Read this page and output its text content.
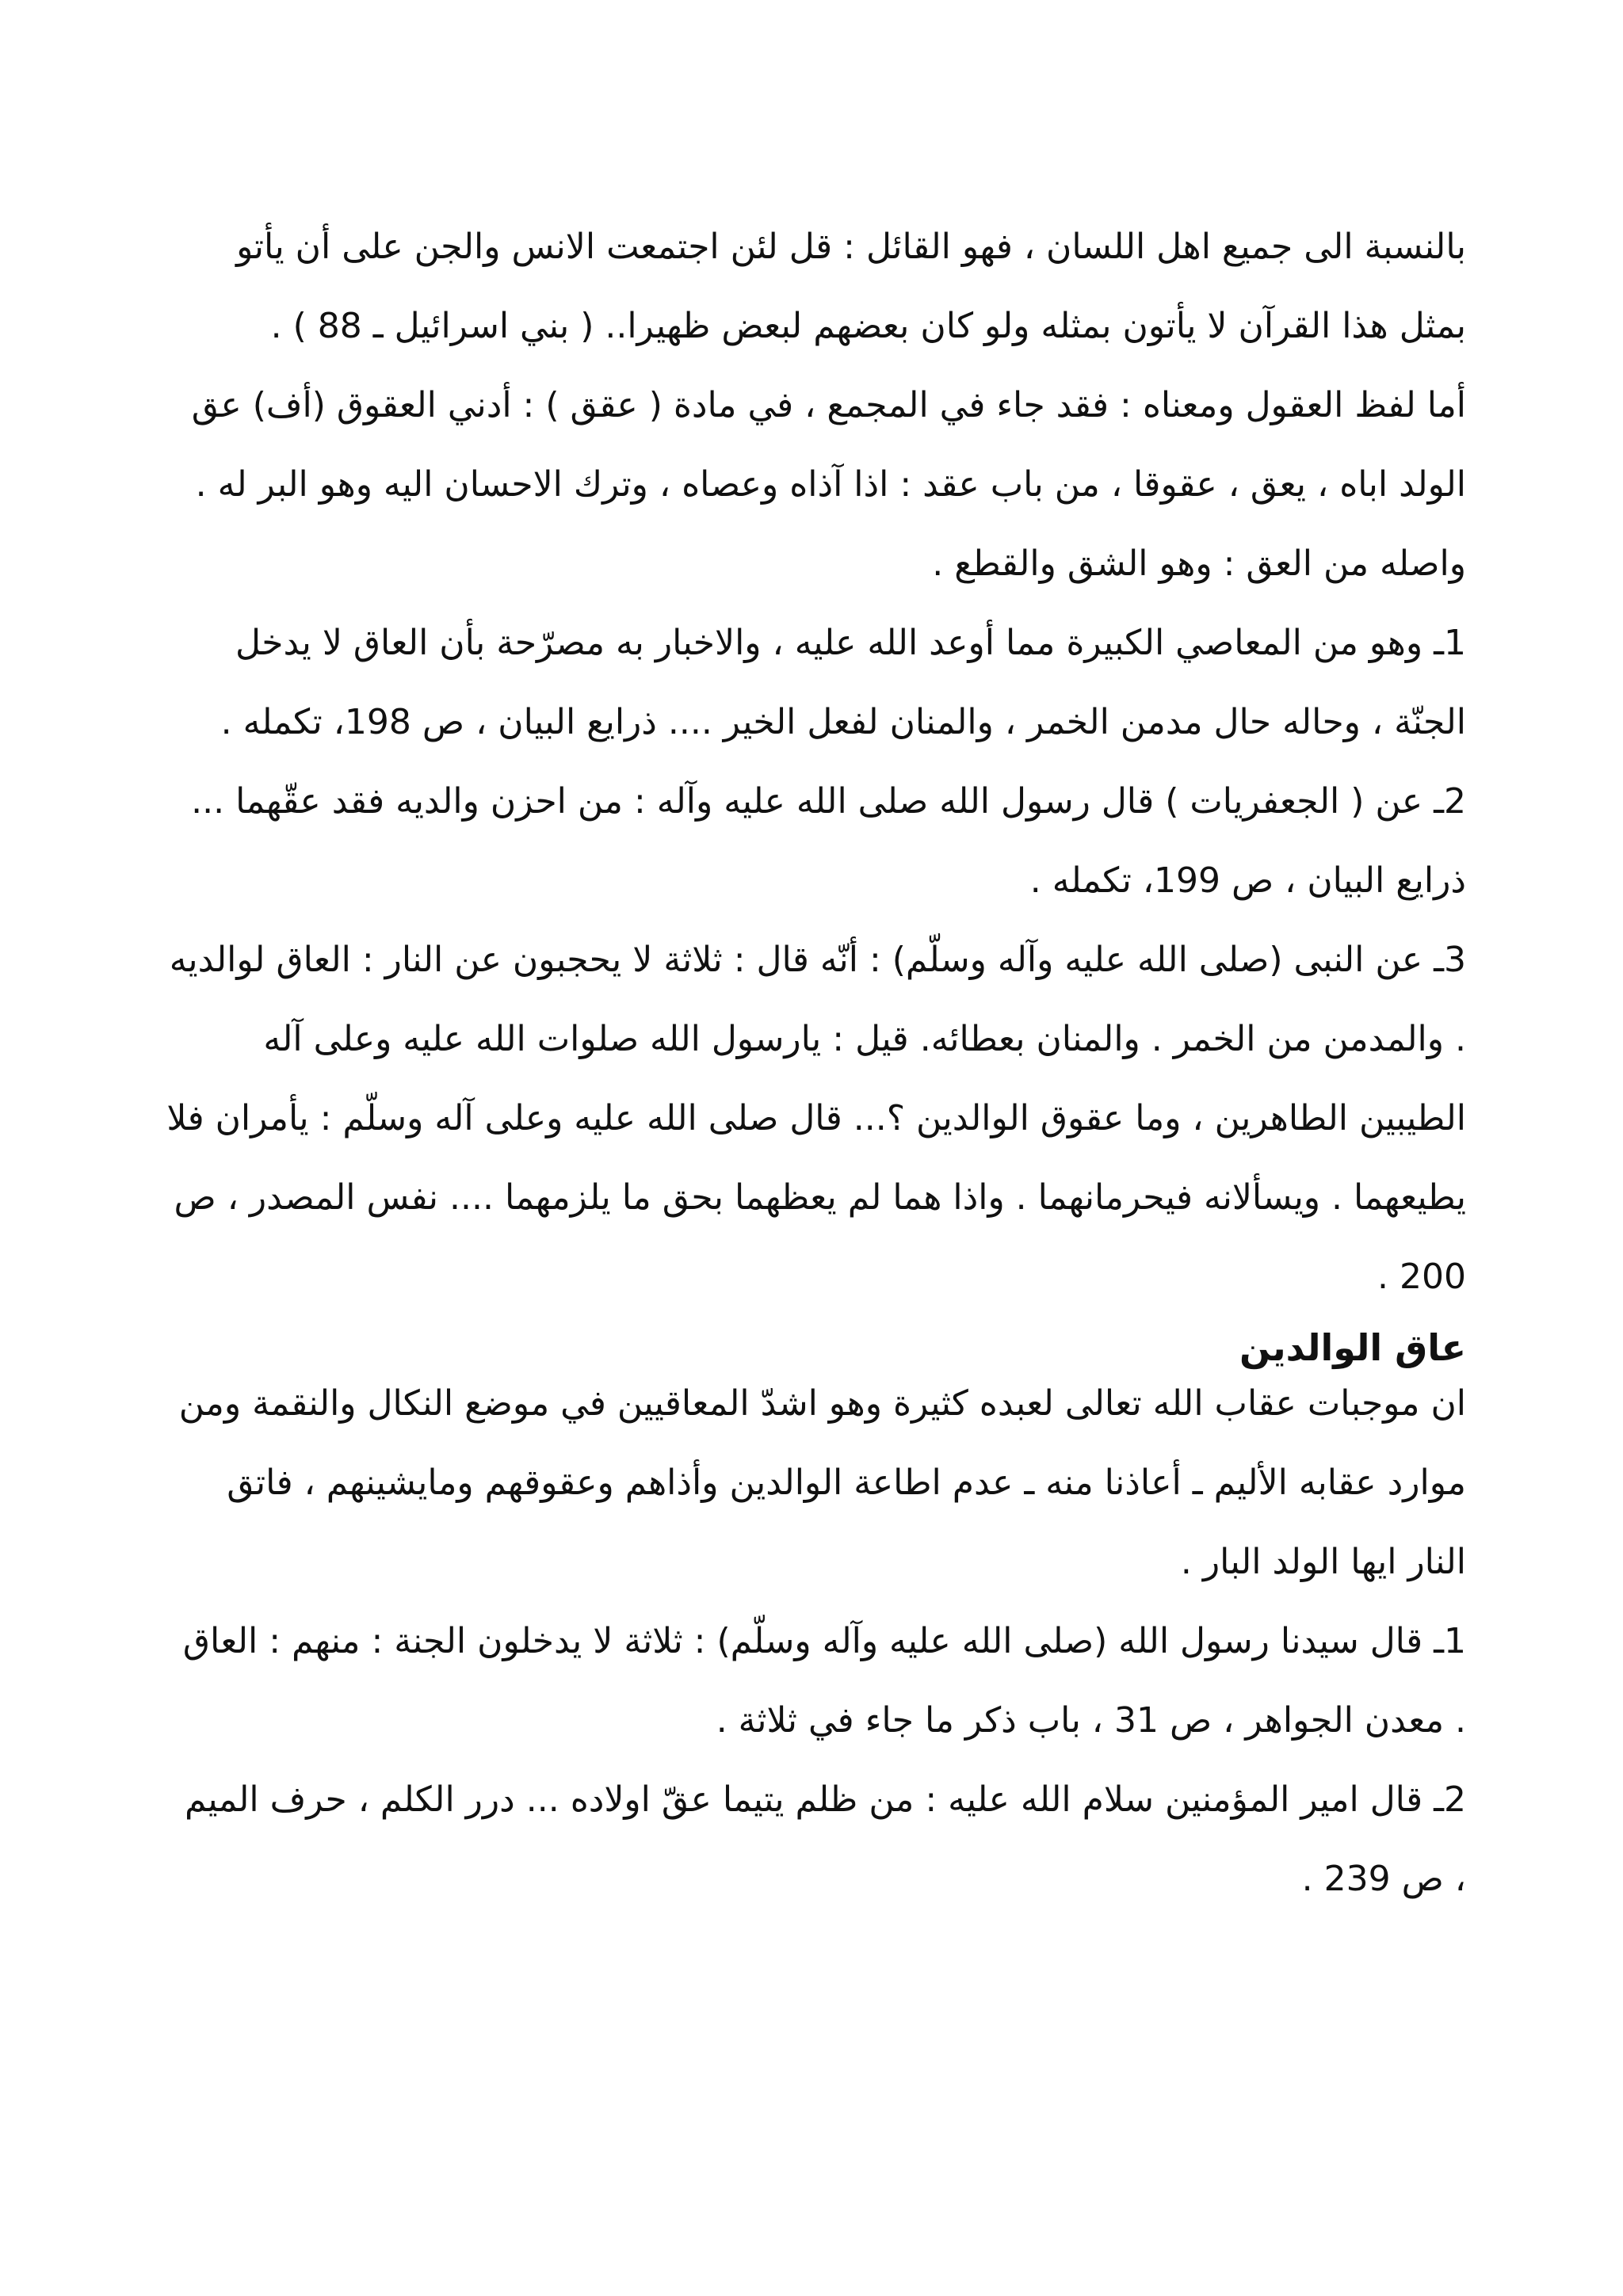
بالنسبة الى جميع اهل اللسان ، فهو القائل : قل لئن اجتمعت الانس والجن على أن يأتو بمثل هذا القرآن لا يأتون بمثله ولو كان بعضهم لبعض ظهيرا.. ( بني اسرائيل ـ 88 ) .

أما لفظ العقول ومعناه : فقد جاء في المجمع ، في مادة ( عقق ) : أدني العقوق (أف) عق الولد اباه ، يعق ، عقوقا ، من باب عقد : اذا آذاه وعصاه ، وترك الاحسان اليه وهو البر له . واصله من العق : وهو الشق والقطع .

1ـ وهو من المعاصي الكبيرة مما أوعد الله عليه ، والاخبار به مصرّحة بأن العاق لا يدخل الجنّة ، وحاله حال مدمن الخمر ، والمنان لفعل الخير .... ذرايع البيان ، ص 198، تكمله .

2ـ عن ( الجعفريات ) قال رسول الله صلى الله عليه وآله : من احزن والديه فقد عقّهما ... ذرايع البيان ، ص 199، تكمله .

3ـ عن النبى (صلى الله عليه وآله وسلّم) : أنّه قال : ثلاثة لا يحجبون عن النار : العاق لوالديه . والمدمن من الخمر . والمنان بعطائه. قيل : يارسول الله صلوات الله عليه وعلى آله الطيبين الطاهرين ، وما عقوق الوالدين ؟... قال صلى الله عليه وعلى آله وسلّم : يأمران فلا يطيعهما . ويسألانه فيحرمانهما . واذا هما لم يعظهما بحق ما يلزمهما .... نفس المصدر ، ص 200 .

عاق الوالدين

ان موجبات عقاب الله تعالى لعبده كثيرة وهو اشدّ المعاقيين في موضع النكال والنقمة ومن موارد عقابه الأليم ـ أعاذنا منه ـ عدم اطاعة الوالدين وأذاهم وعقوقهم ومايشينهم ، فاتق النار ايها الولد البار .

1ـ قال سيدنا رسول الله (صلى الله عليه وآله وسلّم) : ثلاثة لا يدخلون الجنة : منهم : العاق . معدن الجواهر ، ص 31 ، باب ذكر ما جاء في ثلاثة .

2ـ قال امير المؤمنين سلام الله عليه : من ظلم يتيما عقّ اولاده ... درر الكلم ، حرف الميم ، ص 239 .
